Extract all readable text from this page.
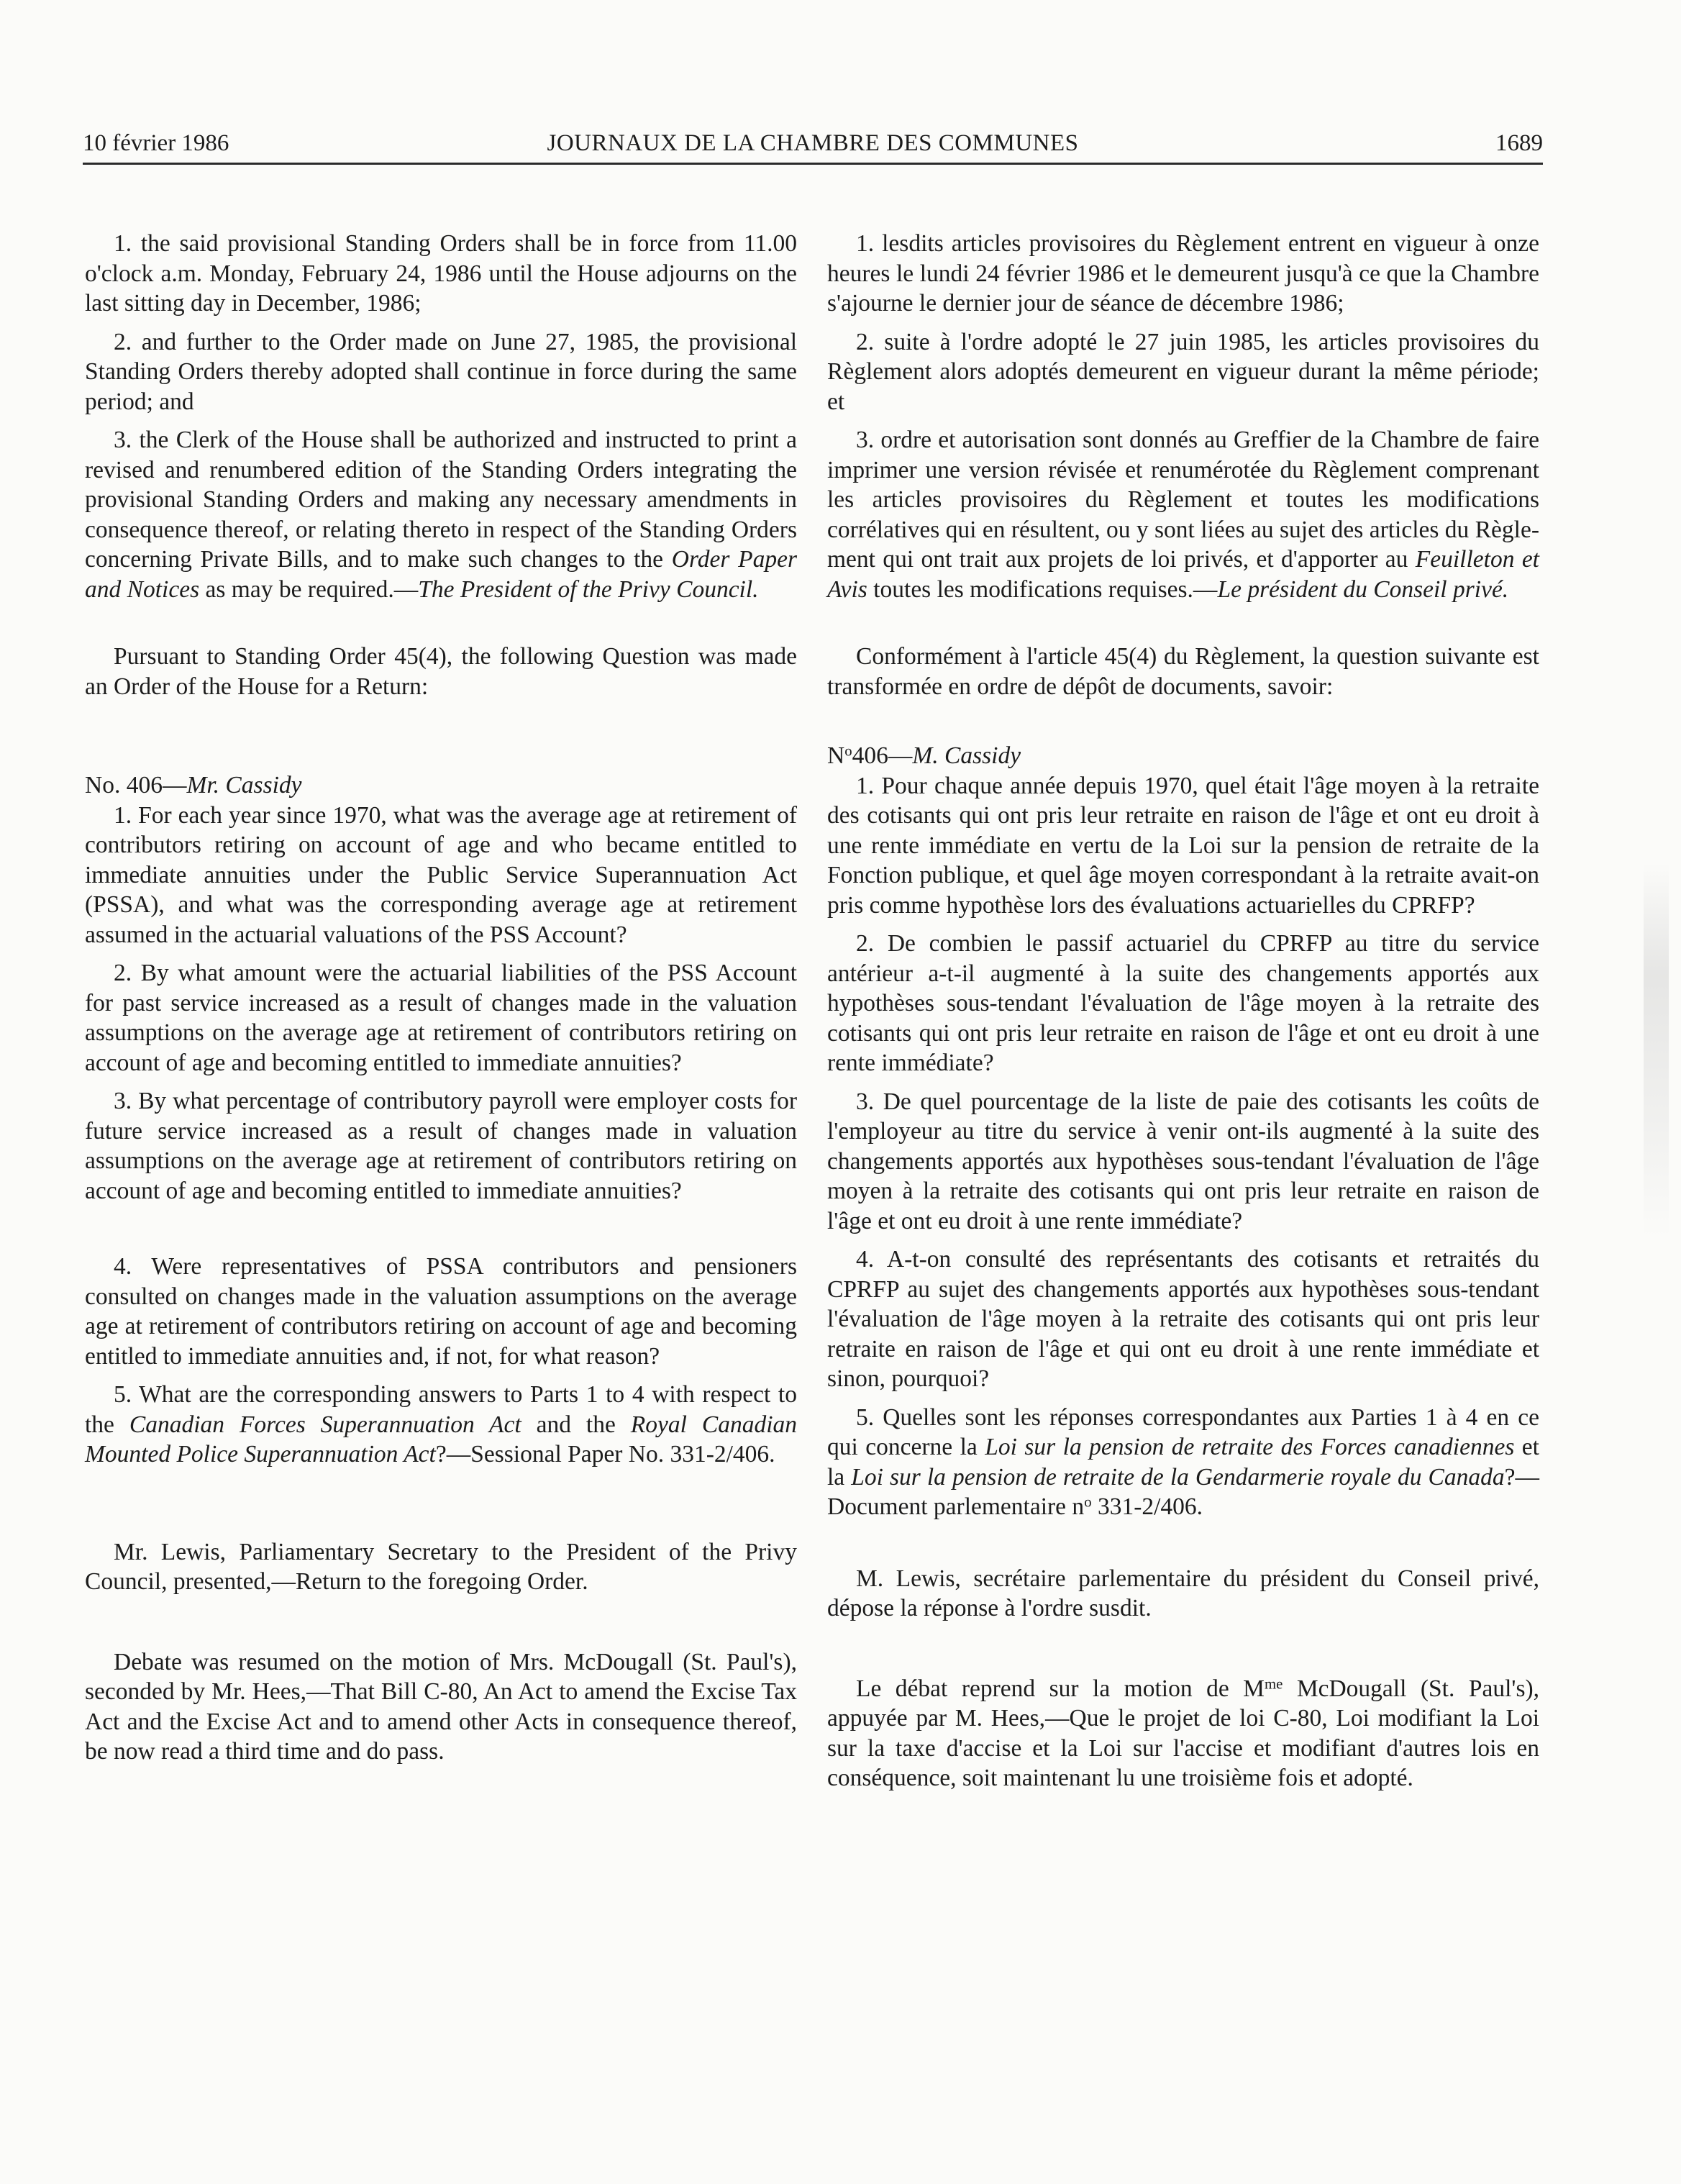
10 février 1986	JOURNAUX DE LA CHAMBRE DES COMMUNES	1689

1. the said provisional Standing Orders shall be in force from 11.00 o'clock a.m. Monday, February 24, 1986 until the House adjourns on the last sitting day in December, 1986;

2. and further to the Order made on June 27, 1985, the provisional Standing Orders thereby adopted shall continue in force during the same period; and

3. the Clerk of the House shall be authorized and instructed to print a revised and renumbered edition of the Standing Orders integrating the provisional Standing Orders and making any necessary amendments in consequence thereof, or relating thereto in respect of the Standing Orders concerning Private Bills, and to make such changes to the Order Paper and Notices as may be required.—The President of the Privy Council.

Pursuant to Standing Order 45(4), the following Question was made an Order of the House for a Return:

No. 406—Mr. Cassidy

1. For each year since 1970, what was the average age at retirement of contributors retiring on account of age and who became entitled to immediate annuities under the Public Service Superannuation Act (PSSA), and what was the corresponding average age at retirement assumed in the actuarial valuations of the PSS Account?

2. By what amount were the actuarial liabilities of the PSS Account for past service increased as a result of changes made in the valuation assumptions on the average age at retirement of contributors retiring on account of age and becoming entitled to immediate annuities?

3. By what percentage of contributory payroll were employer costs for future service increased as a result of changes made in valuation assumptions on the average age at retirement of contributors retiring on account of age and becoming entitled to immediate annuities?

4. Were representatives of PSSA contributors and pensioners consulted on changes made in the valuation assumptions on the average age at retirement of contributors retiring on account of age and becoming entitled to immediate annuities and, if not, for what reason?

5. What are the corresponding answers to Parts 1 to 4 with respect to the Canadian Forces Superannuation Act and the Royal Canadian Mounted Police Superannuation Act?—Sessional Paper No. 331-2/406.

Mr. Lewis, Parliamentary Secretary to the President of the Privy Council, presented,—Return to the foregoing Order.

Debate was resumed on the motion of Mrs. McDougall (St. Paul's), seconded by Mr. Hees,—That Bill C-80, An Act to amend the Excise Tax Act and the Excise Act and to amend other Acts in consequence thereof, be now read a third time and do pass.

1. lesdits articles provisoires du Règlement entrent en vigueur à onze heures le lundi 24 février 1986 et le demeurent jusqu'à ce que la Chambre s'ajourne le dernier jour de séance de décembre 1986;

2. suite à l'ordre adopté le 27 juin 1985, les articles provisoires du Règlement alors adoptés demeurent en vigueur durant la même période; et

3. ordre et autorisation sont donnés au Greffier de la Chambre de faire imprimer une version révisée et renumérotée du Règlement comprenant les articles provisoires du Règlement et toutes les modifications corrélatives qui en résultent, ou y sont liées au sujet des articles du Règlement qui ont trait aux projets de loi privés, et d'apporter au Feuilleton et Avis toutes les modifications requises.—Le président du Conseil privé.

Conformément à l'article 45(4) du Règlement, la question suivante est transformée en ordre de dépôt de documents, savoir:

$N^o406—M$. Cassidy

1. Pour chaque année depuis 1970, quel était l'âge moyen à la retraite des cotisants qui ont pris leur retraite en raison de l'âge et ont eu droit à une rente immédiate en vertu de la Loi sur la pension de retraite de la Fonction publique, et quel âge moyen correspondant à la retraite avait-on pris comme hypothèse lors des évaluations actuarielles du CPRFP?

2. De combien le passif actuariel du CPRFP au titre du service antérieur a-t-il augmenté à la suite des changements apportés aux hypothèses sous-tendant l'évaluation de l'âge moyen à la retraite des cotisants qui ont pris leur retraite en raison de l'âge et ont eu droit à une rente immédiate?

3. De quel pourcentage de la liste de paie des cotisants les coûts de l'employeur au titre du service à venir ont-ils augmenté à la suite des changements apportés aux hypothèses sous-tendant l'évaluation de l'âge moyen à la retraite des cotisants qui ont pris leur retraite en raison de l'âge et ont eu droit à une rente immédiate?

4. A-t-on consulté des représentants des cotisants et retraités du CPRFP au sujet des changements apportés aux hypothèses sous-tendant l'évaluation de l'âge moyen à la retraite des cotisants qui ont pris leur retraite en raison de l'âge et qui ont eu droit à une rente immédiate et sinon, pourquoi?

5. Quelles sont les réponses correspondantes aux Parties 1 à 4 en ce qui concerne la Loi sur la pension de retraite des Forces canadiennes et la Loi sur la pension de retraite de la Gendarmerie royale du Canada?—Document parlementaire $n^o$ 331-2/406.

M. Lewis, secrétaire parlementaire du président du Conseil privé, dépose la réponse à l'ordre susdit.

Le débat reprend sur la motion de $M^{me}$ McDougall (St. Paul's), appuyée par M. Hees,—Que le projet de loi C-80, Loi modifiant la Loi sur la taxe d'accise et la Loi sur l'accise et modifiant d'autres lois en conséquence, soit maintenant lu une troisième fois et adopté.
